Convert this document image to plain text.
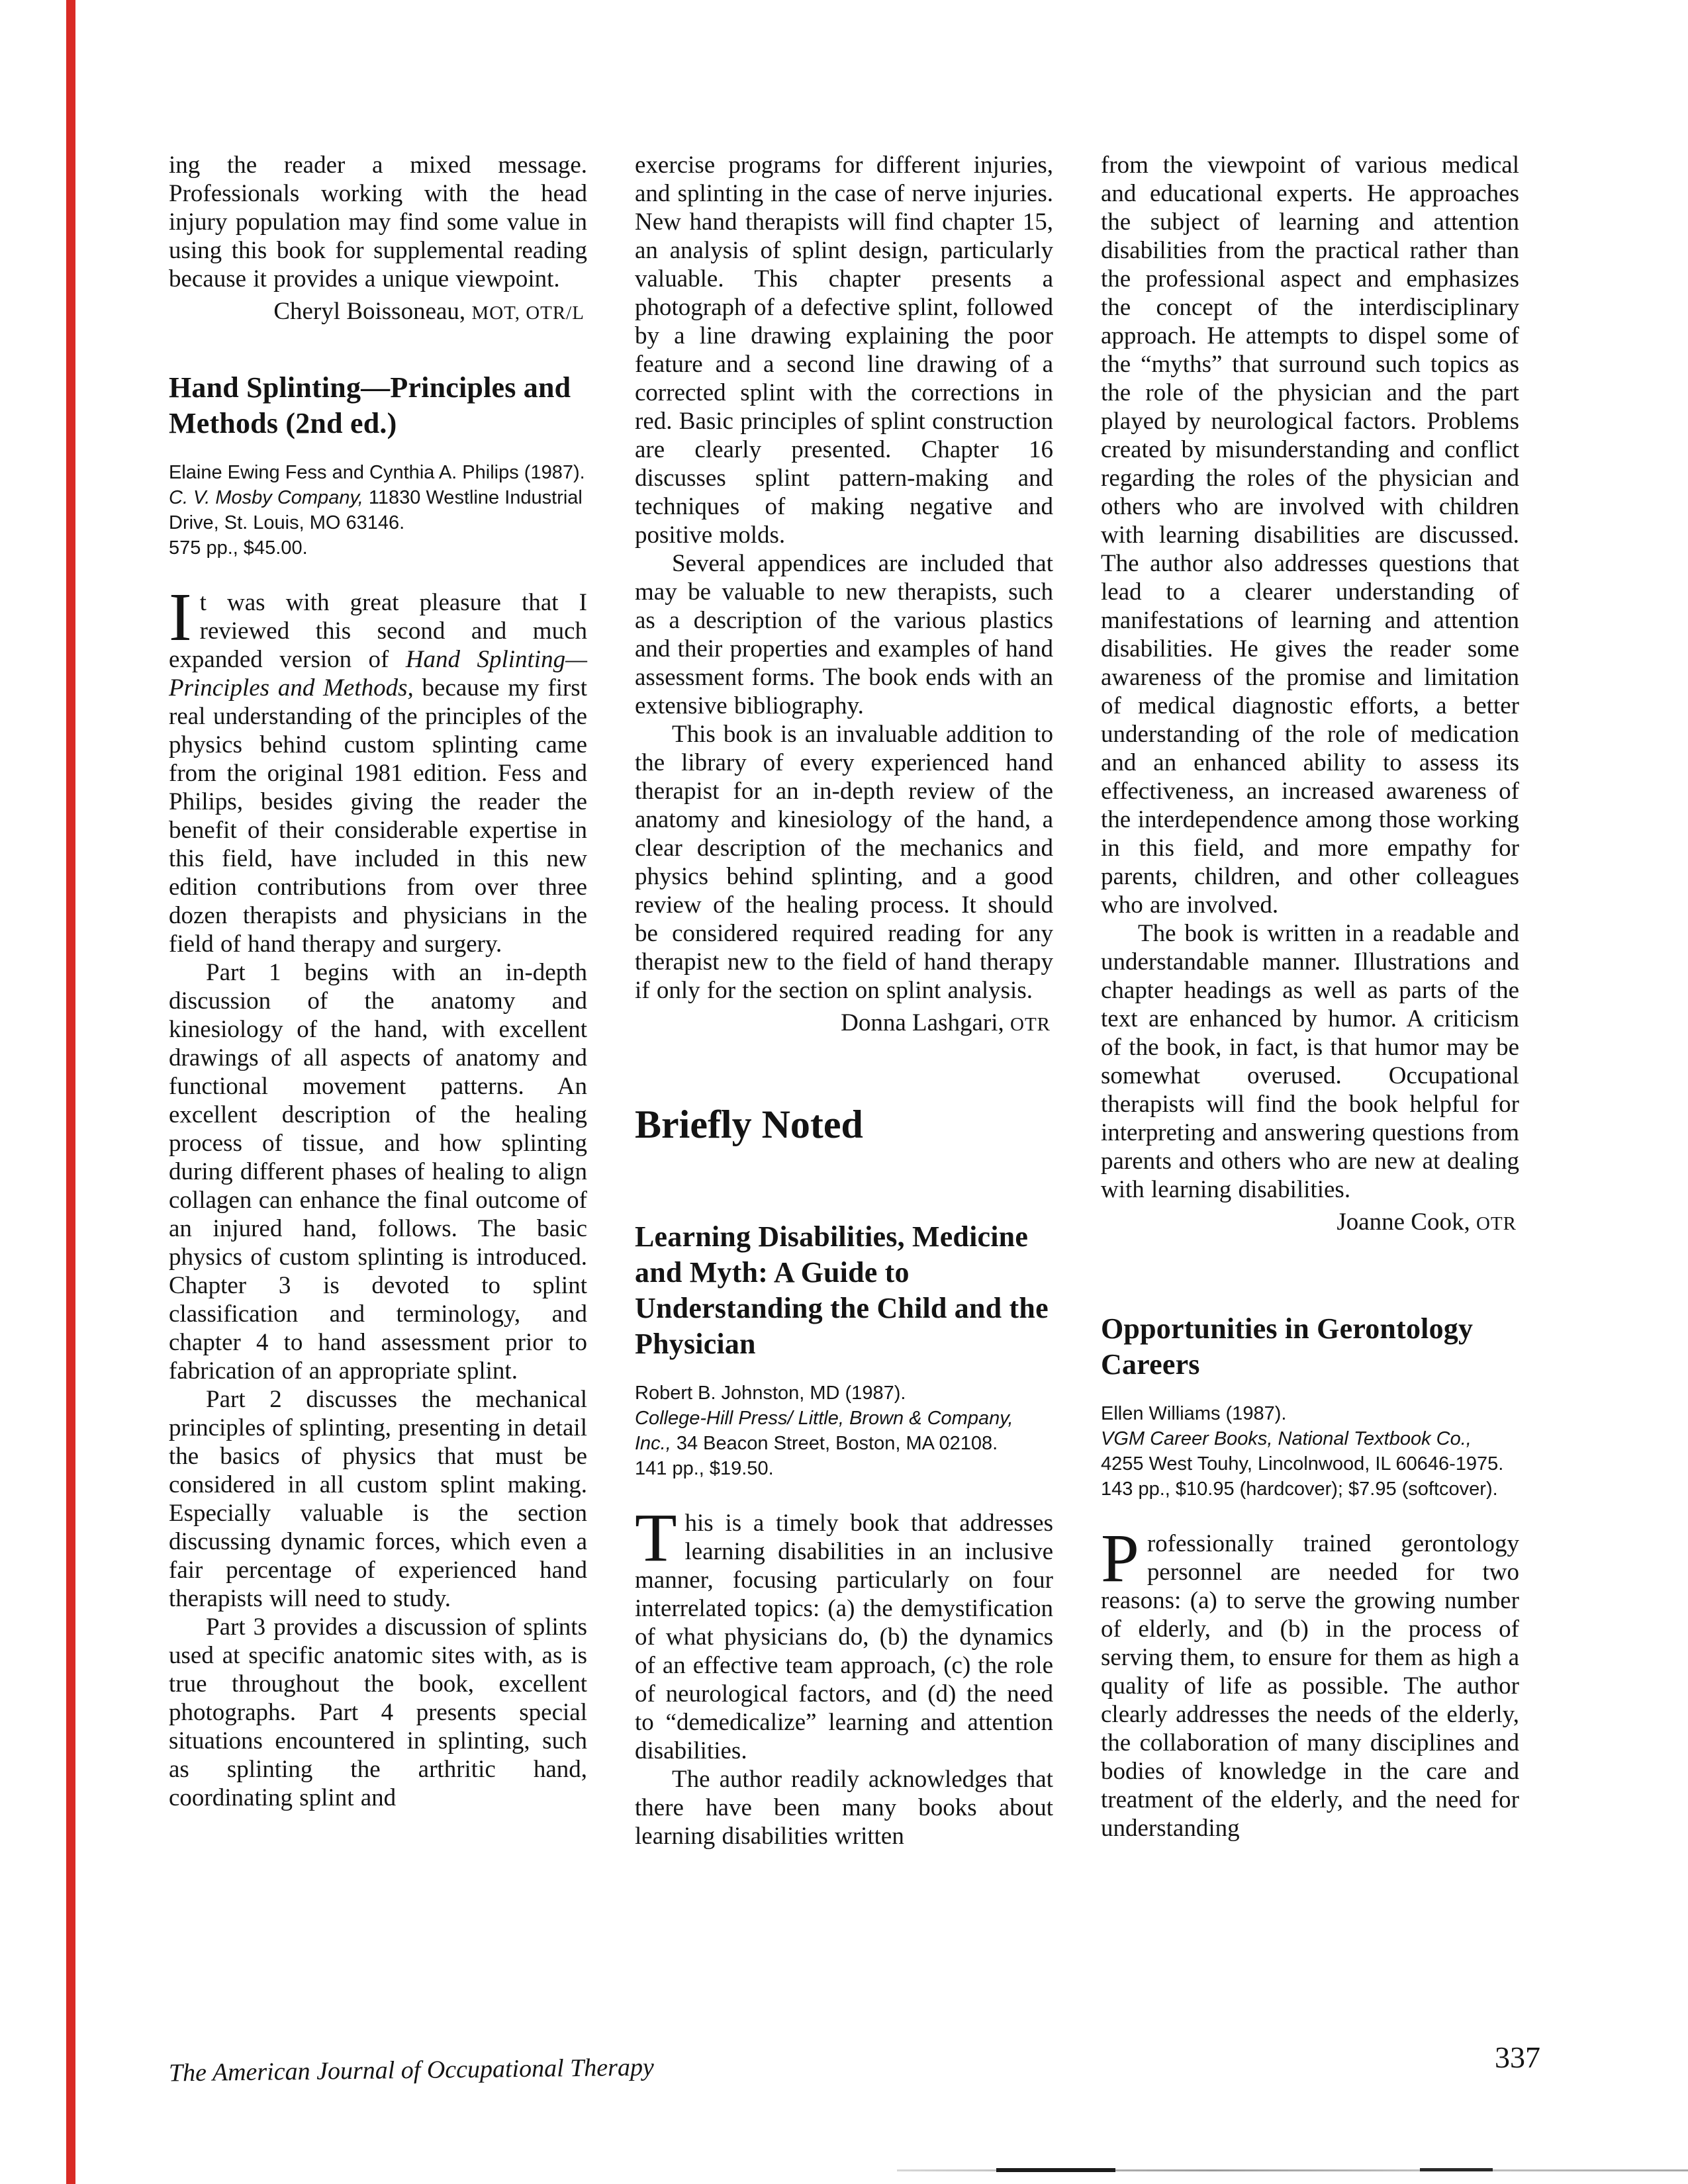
ing the reader a mixed message. Professionals working with the head injury population may find some value in using this book for supplemental reading because it provides a unique viewpoint.

Cheryl Boissoneau, MOT, OTR/L

Hand Splinting—Principles and Methods (2nd ed.)

Elaine Ewing Fess and Cynthia A. Philips (1987).

C. V. Mosby Company, 11830 Westline Industrial Drive, St. Louis, MO 63146.

575 pp., $45.00.

It was with great pleasure that I reviewed this second and much expanded version of Hand Splinting—Principles and Methods, because my first real understanding of the principles of the physics behind custom splinting came from the original 1981 edition. Fess and Philips, besides giving the reader the benefit of their considerable expertise in this field, have included in this new edition contributions from over three dozen therapists and physicians in the field of hand therapy and surgery.

Part 1 begins with an in-depth discussion of the anatomy and kinesiology of the hand, with excellent drawings of all aspects of anatomy and functional movement patterns. An excellent description of the healing process of tissue, and how splinting during different phases of healing to align collagen can enhance the final outcome of an injured hand, follows. The basic physics of custom splinting is introduced. Chapter 3 is devoted to splint classification and terminology, and chapter 4 to hand assessment prior to fabrication of an appropriate splint.

Part 2 discusses the mechanical principles of splinting, presenting in detail the basics of physics that must be considered in all custom splint making. Especially valuable is the section discussing dynamic forces, which even a fair percentage of experienced hand therapists will need to study.

Part 3 provides a discussion of splints used at specific anatomic sites with, as is true throughout the book, excellent photographs. Part 4 presents special situations encountered in splinting, such as splinting the arthritic hand, coordinating splint and

exercise programs for different injuries, and splinting in the case of nerve injuries. New hand therapists will find chapter 15, an analysis of splint design, particularly valuable. This chapter presents a photograph of a defective splint, followed by a line drawing explaining the poor feature and a second line drawing of a corrected splint with the corrections in red. Basic principles of splint construction are clearly presented. Chapter 16 discusses splint pattern-making and techniques of making negative and positive molds.

Several appendices are included that may be valuable to new therapists, such as a description of the various plastics and their properties and examples of hand assessment forms. The book ends with an extensive bibliography.

This book is an invaluable addition to the library of every experienced hand therapist for an in-depth review of the anatomy and kinesiology of the hand, a clear description of the mechanics and physics behind splinting, and a good review of the healing process. It should be considered required reading for any therapist new to the field of hand therapy if only for the section on splint analysis.

Donna Lashgari, OTR

Briefly Noted
Learning Disabilities, Medicine and Myth: A Guide to Understanding the Child and the Physician

Robert B. Johnston, MD (1987).

College-Hill Press/ Little, Brown & Company, Inc., 34 Beacon Street, Boston, MA 02108.

141 pp., $19.50.

This is a timely book that addresses learning disabilities in an inclusive manner, focusing particularly on four interrelated topics: (a) the demystification of what physicians do, (b) the dynamics of an effective team approach, (c) the role of neurological factors, and (d) the need to “demedicalize” learning and attention disabilities.

The author readily acknowledges that there have been many books about learning disabilities written

from the viewpoint of various medical and educational experts. He approaches the subject of learning and attention disabilities from the practical rather than the professional aspect and emphasizes the concept of the interdisciplinary approach. He attempts to dispel some of the “myths” that surround such topics as the role of the physician and the part played by neurological factors. Problems created by misunderstanding and conflict regarding the roles of the physician and others who are involved with children with learning disabilities are discussed. The author also addresses questions that lead to a clearer understanding of manifestations of learning and attention disabilities. He gives the reader some awareness of the promise and limitation of medical diagnostic efforts, a better understanding of the role of medication and an enhanced ability to assess its effectiveness, an increased awareness of the interdependence among those working in this field, and more empathy for parents, children, and other colleagues who are involved.

The book is written in a readable and understandable manner. Illustrations and chapter headings as well as parts of the text are enhanced by humor. A criticism of the book, in fact, is that humor may be somewhat overused. Occupational therapists will find the book helpful for interpreting and answering questions from parents and others who are new at dealing with learning disabilities.

Joanne Cook, OTR

Opportunities in Gerontology Careers

Ellen Williams (1987).

VGM Career Books, National Textbook Co., 4255 West Touhy, Lincolnwood, IL 60646-1975.

143 pp., $10.95 (hardcover); $7.95 (softcover).

Professionally trained gerontology personnel are needed for two reasons: (a) to serve the growing number of elderly, and (b) in the process of serving them, to ensure for them as high a quality of life as possible. The author clearly addresses the needs of the elderly, the collaboration of many disciplines and bodies of knowledge in the care and treatment of the elderly, and the need for understanding

The American Journal of Occupational Therapy	337
